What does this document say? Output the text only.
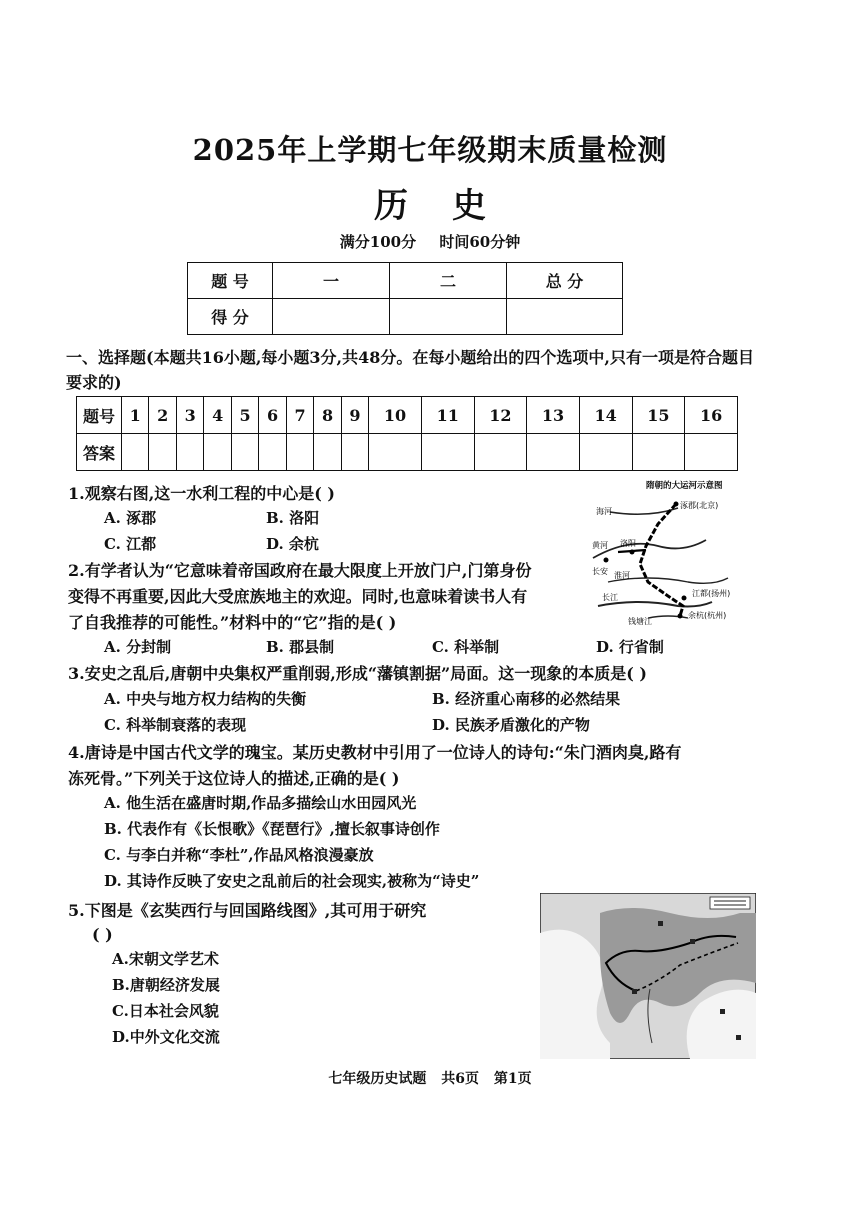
2025年上学期七年级期末质量检测
历史
满分100分 时间60分钟
题 号	一	二	总 分
得 分			
一、选择题(本题共16小题,每小题3分,共48分。在每小题给出的四个选项中,只有一项是符合题目要求的)
题号	1	2	3	4	5	6	7	8	9	10	11	12	13	14	15	16
答案																
1.观察右图,这一水利工程的中心是( )
A. 涿郡	B. 洛阳
C. 江都	D. 余杭
隋朝的大运河示意图
海河
涿郡(北京)
黄河 洛阳
长安 淮河
长江	江都(扬州)
钱塘江
余杭(杭州)
2.有学者认为“它意味着帝国政府在最大限度上开放门户,门第身份
变得不再重要,因此大受庶族地主的欢迎。同时,也意味着读书人有
了自我推荐的可能性。”材料中的“它”指的是( )
A. 分封制	B. 郡县制	C. 科举制	D. 行省制
3.安史之乱后,唐朝中央集权严重削弱,形成“藩镇割据”局面。这一现象的本质是( )
A. 中央与地方权力结构的失衡	B. 经济重心南移的必然结果
C. 科举制衰落的表现	D. 民族矛盾激化的产物
4.唐诗是中国古代文学的瑰宝。某历史教材中引用了一位诗人的诗句:“朱门酒肉臭,路有
冻死骨。”下列关于这位诗人的描述,正确的是( )
A. 他生活在盛唐时期,作品多描绘山水田园风光
B. 代表作有《长恨歌》《琵琶行》,擅长叙事诗创作
C. 与李白并称“李杜”,作品风格浪漫豪放
D. 其诗作反映了安史之乱前后的社会现实,被称为“诗史”
5.下图是《玄奘西行与回国路线图》,其可用于研究
( )
A.宋朝文学艺术
B.唐朝经济发展
C.日本社会风貌
D.中外文化交流
七年级历史试题 共6页 第1页
